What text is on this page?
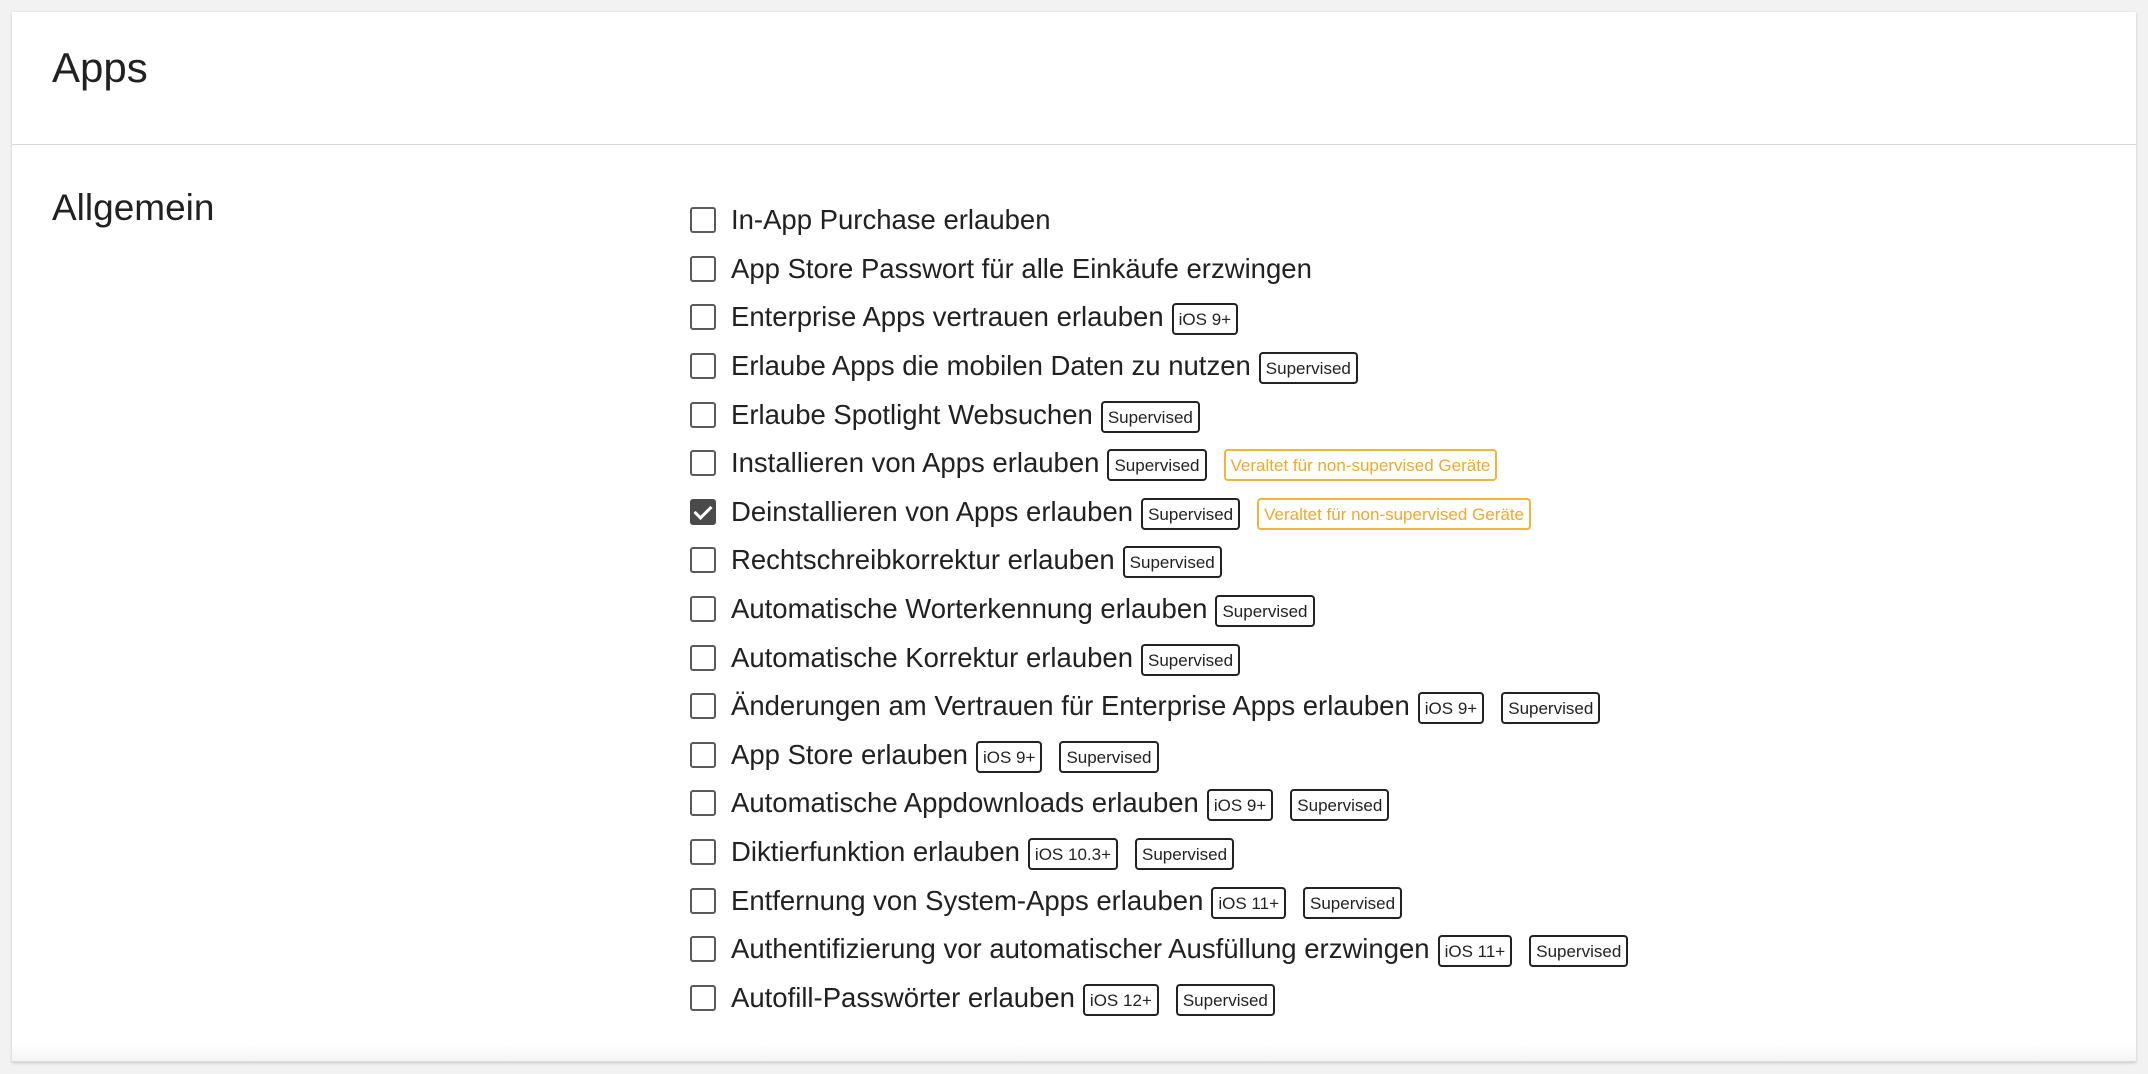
Apps
Allgemein	In-App Purchase erlauben
App Store Passwort für alle Einkäufe erzwingen
Enterprise Apps vertrauen erlauben iOS 9+
Erlaube Apps die mobilen Daten zu nutzen Supervised
Erlaube Spotlight Websuchen Supervised
Installieren von Apps erlauben Supervised	Veraltet für non-supervised Geräte
Deinstallieren von Apps erlauben Supervised	Veraltet für non-supervised Geräte
Rechtschreibkorrektur erlauben Supervised
Automatische Worterkennung erlauben Supervised
Automatische Korrektur erlauben Supervised
Änderungen am Vertrauen für Enterprise Apps erlauben iOS 9+	Supervised
App Store erlauben iOS 9+	Supervised
Automatische Appdownloads erlauben iOS 9+	Supervised
Diktierfunktion erlauben iOS 10.3+	Supervised
Entfernung von System-Apps erlauben iOS 11+	Supervised
Authentifizierung vor automatischer Ausfüllung erzwingen iOS 11+	Supervised
Autofill-Passwörter erlauben iOS 12+	Supervised
